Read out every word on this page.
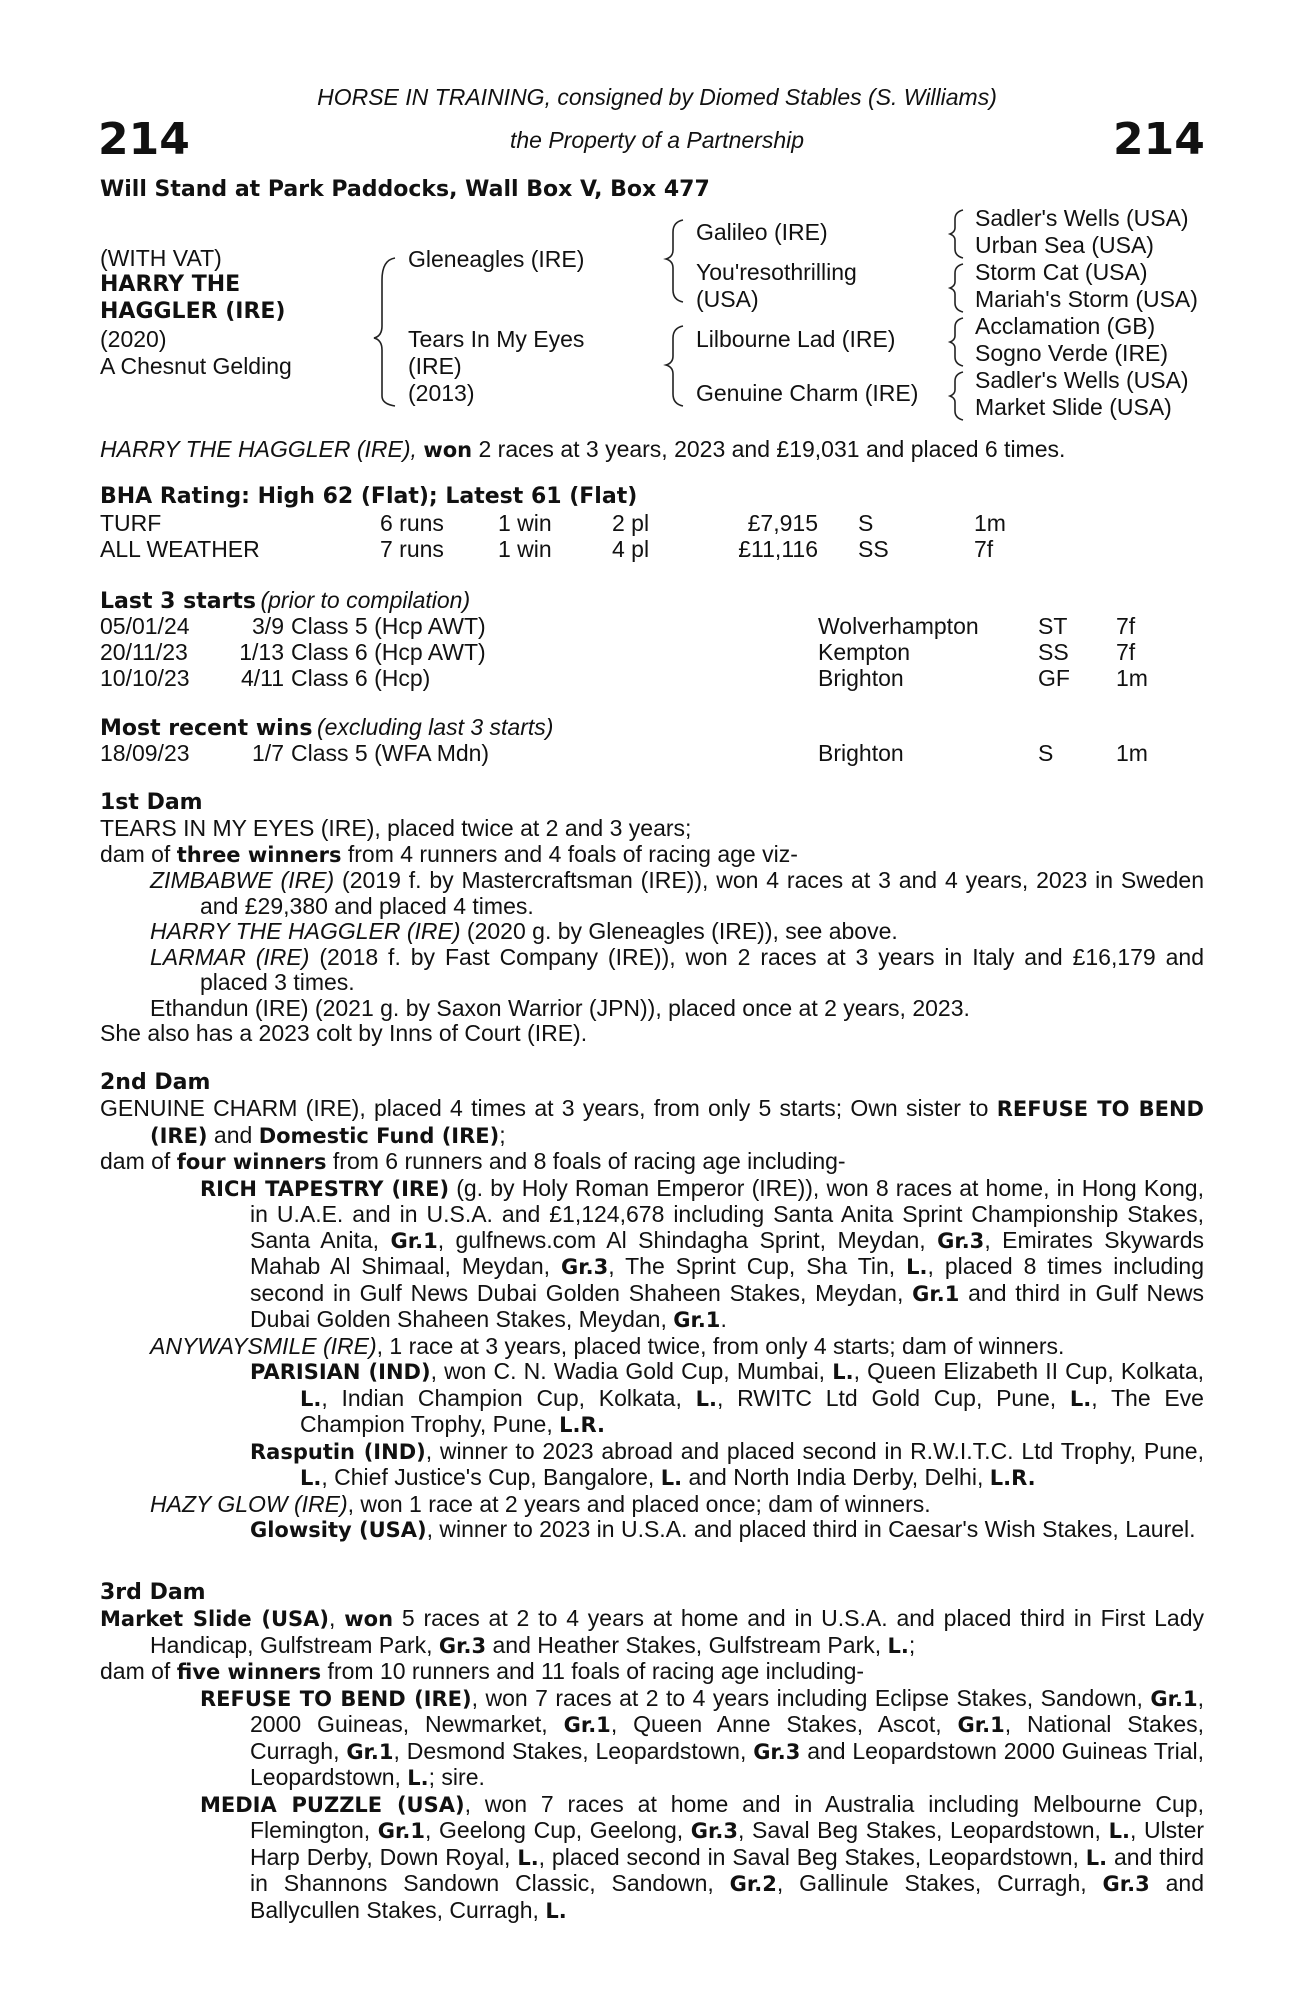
HORSE IN TRAINING, consigned by Diomed Stables (S. Williams)
214	the Property of a Partnership	214
Will Stand at Park Paddocks, Wall Box V, Box 477
(WITH VAT)
HARRY THE
HAGGLER (IRE)
(2020)
A Chesnut Gelding
Gleneagles (IRE)
Tears In My Eyes
(IRE)
(2013)
Galileo (IRE)
You'resothrilling
(USA)
Lilbourne Lad (IRE)
Genuine Charm (IRE)
Sadler's Wells (USA)
Urban Sea (USA)
Storm Cat (USA)
Mariah's Storm (USA)
Acclamation (GB)
Sogno Verde (IRE)
Sadler's Wells (USA)
Market Slide (USA)
HARRY THE HAGGLER (IRE), won 2 races at 3 years, 2023 and £19,031 and placed 6 times.
BHA Rating: High 62 (Flat); Latest 61 (Flat)
TURF	6 runs 1 win	2 pl	£7,915 S	1m
ALL WEATHER	7 runs 1 win	4 pl	£11,116 SS	7f
Last 3 starts (prior to compilation)
05/01/24	3/9 Class 5 (Hcp AWT)	Wolverhampton	ST 7f
20/11/23	1/13 Class 6 (Hcp AWT)	Kempton	SS 7f
10/10/23	4/11 Class 6 (Hcp)	Brighton	GF 1m
Most recent wins (excluding last 3 starts)
18/09/23	1/7 Class 5 (WFA Mdn)	Brighton	S	1m

1st Dam

TEARS IN MY EYES (IRE), placed twice at 2 and 3 years;

dam of three winners from 4 runners and 4 foals of racing age viz-

ZIMBABWE (IRE) (2019 f. by Mastercraftsman (IRE)), won 4 races at 3 and 4 years, 2023 in Sweden and £29,380 and placed 4 times.

HARRY THE HAGGLER (IRE) (2020 g. by Gleneagles (IRE)), see above.

LARMAR (IRE) (2018 f. by Fast Company (IRE)), won 2 races at 3 years in Italy and £16,179 and placed 3 times.

Ethandun (IRE) (2021 g. by Saxon Warrior (JPN)), placed once at 2 years, 2023.

She also has a 2023 colt by Inns of Court (IRE).

2nd Dam

GENUINE CHARM (IRE), placed 4 times at 3 years, from only 5 starts; Own sister to REFUSE TO BEND (IRE) and Domestic Fund (IRE);

dam of four winners from 6 runners and 8 foals of racing age including-

RICH TAPESTRY (IRE) (g. by Holy Roman Emperor (IRE)), won 8 races at home, in Hong Kong, in U.A.E. and in U.S.A. and £1,124,678 including Santa Anita Sprint Championship Stakes, Santa Anita, Gr.1, gulfnews.com Al Shindagha Sprint, Meydan, Gr.3, Emirates Skywards Mahab Al Shimaal, Meydan, Gr.3, The Sprint Cup, Sha Tin, L., placed 8 times including second in Gulf News Dubai Golden Shaheen Stakes, Meydan, Gr.1 and third in Gulf News Dubai Golden Shaheen Stakes, Meydan, Gr.1.

ANYWAYSMILE (IRE), 1 race at 3 years, placed twice, from only 4 starts; dam of winners.

PARISIAN (IND), won C. N. Wadia Gold Cup, Mumbai, L., Queen Elizabeth II Cup, Kolkata, L., Indian Champion Cup, Kolkata, L., RWITC Ltd Gold Cup, Pune, L., The Eve Champion Trophy, Pune, L.R.

Rasputin (IND), winner to 2023 abroad and placed second in R.W.I.T.C. Ltd Trophy, Pune, L., Chief Justice's Cup, Bangalore, L. and North India Derby, Delhi, L.R.

HAZY GLOW (IRE), won 1 race at 2 years and placed once; dam of winners.

Glowsity (USA), winner to 2023 in U.S.A. and placed third in Caesar's Wish Stakes, Laurel.

3rd Dam

Market Slide (USA), won 5 races at 2 to 4 years at home and in U.S.A. and placed third in First Lady Handicap, Gulfstream Park, Gr.3 and Heather Stakes, Gulfstream Park, L.;

dam of five winners from 10 runners and 11 foals of racing age including-

REFUSE TO BEND (IRE), won 7 races at 2 to 4 years including Eclipse Stakes, Sandown, Gr.1, 2000 Guineas, Newmarket, Gr.1, Queen Anne Stakes, Ascot, Gr.1, National Stakes, Curragh, Gr.1, Desmond Stakes, Leopardstown, Gr.3 and Leopardstown 2000 Guineas Trial, Leopardstown, L.; sire.

MEDIA PUZZLE (USA), won 7 races at home and in Australia including Melbourne Cup, Flemington, Gr.1, Geelong Cup, Geelong, Gr.3, Saval Beg Stakes, Leopardstown, L., Ulster Harp Derby, Down Royal, L., placed second in Saval Beg Stakes, Leopardstown, L. and third in Shannons Sandown Classic, Sandown, Gr.2, Gallinule Stakes, Curragh, Gr.3 and Ballycullen Stakes, Curragh, L.
